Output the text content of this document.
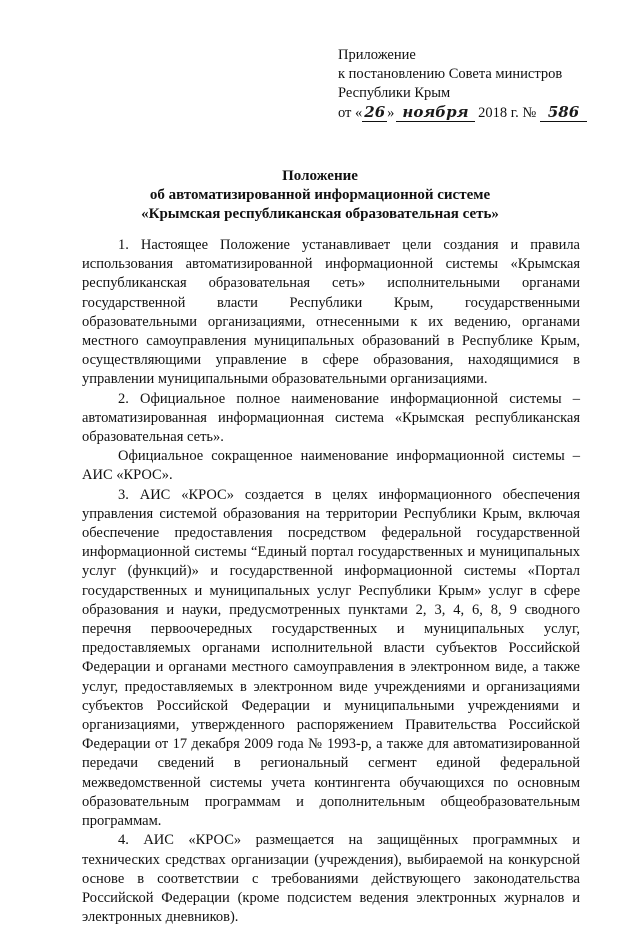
Приложение
к постановлению Совета министров
Республики Крым
от « 26 » ноября 2018 г. № 586
Положение
об автоматизированной информационной системе
«Крымская республиканская образовательная сеть»

1. Настоящее Положение устанавливает цели создания и правила использования автоматизированной информационной системы «Крымская республиканская образовательная сеть» исполнительными органами государственной власти Республики Крым, государственными образовательными организациями, отнесенными к их ведению, органами местного самоуправления муниципальных образований в Республике Крым, осуществляющими управление в сфере образования, находящимися в управлении муниципальными образовательными организациями.

2. Официальное полное наименование информационной системы – автоматизированная информационная система «Крымская республиканская образовательная сеть».

Официальное сокращенное наименование информационной системы – АИС «КРОС».

3. АИС «КРОС» создается в целях информационного обеспечения управления системой образования на территории Республики Крым, включая обеспечение предоставления посредством федеральной государственной информационной системы “Единый портал государственных и муниципальных услуг (функций)» и государственной информационной системы «Портал государственных и муниципальных услуг Республики Крым» услуг в сфере образования и науки, предусмотренных пунктами 2, 3, 4, 6, 8, 9 сводного перечня первоочередных государственных и муниципальных услуг, предоставляемых органами исполнительной власти субъектов Российской Федерации и органами местного самоуправления в электронном виде, а также услуг, предоставляемых в электронном виде учреждениями и организациями субъектов Российской Федерации и муниципальными учреждениями и организациями, утвержденного распоряжением Правительства Российской Федерации от 17 декабря 2009 года № 1993-р, а также для автоматизированной передачи сведений в региональный сегмент единой федеральной межведомственной системы учета контингента обучающихся по основным образовательным программам и дополнительным общеобразовательным программам.

4. АИС «КРОС» размещается на защищённых программных и технических средствах организации (учреждения), выбираемой на конкурсной основе в соответствии с требованиями действующего законодательства Российской Федерации (кроме подсистем ведения электронных журналов и электронных дневников).
